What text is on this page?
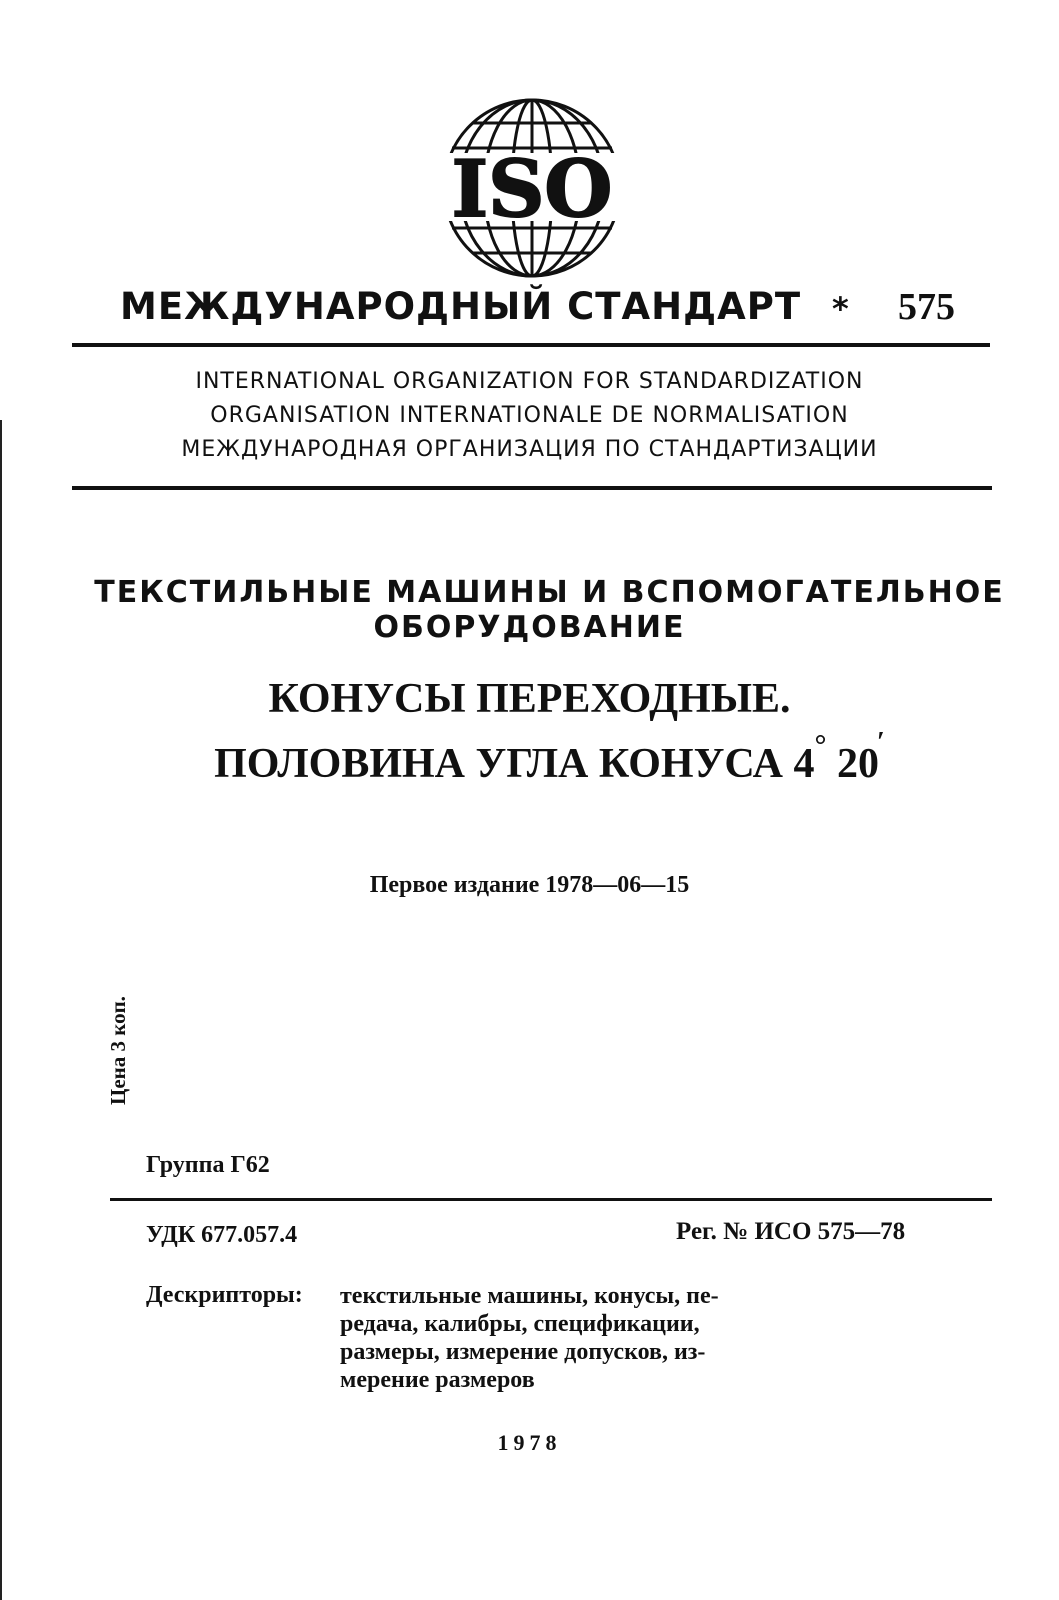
ISO
МЕЖДУНАРОДНЫЙ СТАНДАРТ * 575
INTERNATIONAL ORGANIZATION FOR STANDARDIZATION
ORGANISATION INTERNATIONALE DE NORMALISATION
МЕЖДУНАРОДНАЯ ОРГАНИЗАЦИЯ ПО СТАНДАРТИЗАЦИИ
ТЕКСТИЛЬНЫЕ МАШИНЫ И ВСПОМОГАТЕЛЬНОЕ
ОБОРУДОВАНИЕ
КОНУСЫ ПЕРЕХОДНЫЕ.
ПОЛОВИНА УГЛА КОНУСА 4° 20′
Первое издание 1978—06—15
Цена 3 коп.
Группа Г62
УДК 677.057.4	Рег. № ИСО 575—78
Дескрипторы: текстильные машины, конусы, пе-
редача, калибры, спецификации,
размеры, измерение допусков, из-
мерение размеров
1978
